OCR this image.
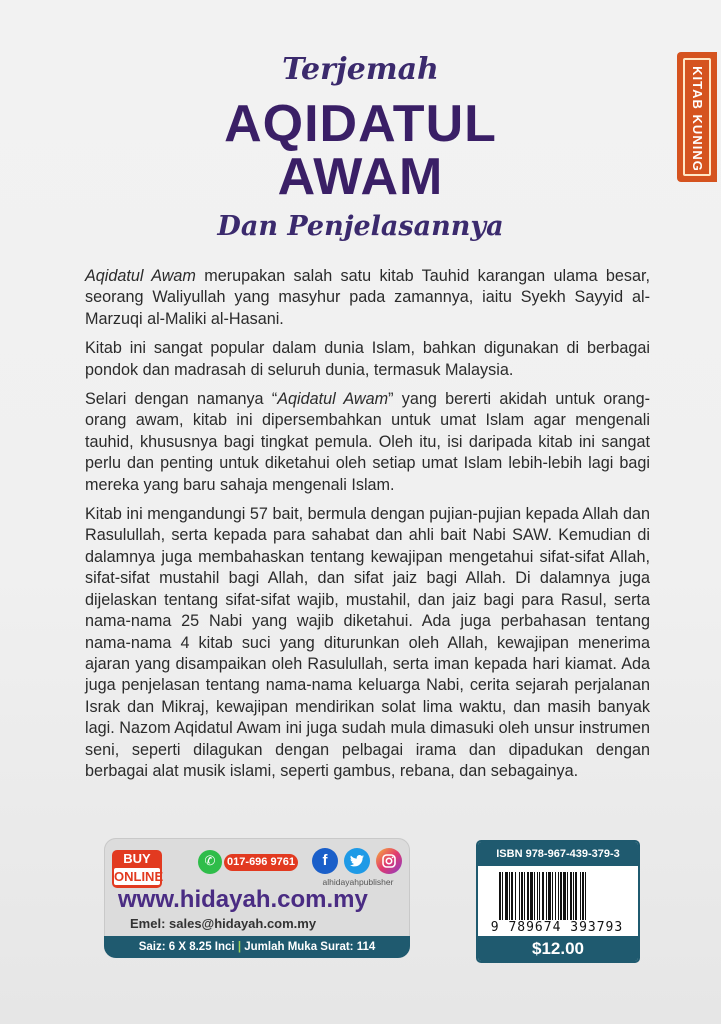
KITAB KUNING
Terjemah
AQIDATUL
AWAM
Dan Penjelasannya

Aqidatul Awam merupakan salah satu kitab Tauhid karangan ulama besar, seorang Waliyullah yang masyhur pada zamannya, iaitu Syekh Sayyid al-Marzuqi al-Maliki al-Hasani.

Kitab ini sangat popular dalam dunia Islam, bahkan digunakan di berbagai pondok dan madrasah di seluruh dunia, termasuk Malaysia.

Selari dengan namanya “Aqidatul Awam” yang bererti akidah untuk orang-orang awam, kitab ini dipersembahkan untuk umat Islam agar mengenali tauhid, khususnya bagi tingkat pemula. Oleh itu, isi daripada kitab ini sangat perlu dan penting untuk diketahui oleh setiap umat Islam lebih-lebih lagi bagi mereka yang baru sahaja mengenali Islam.

Kitab ini mengandungi 57 bait, bermula dengan pujian-pujian kepada Allah dan Rasulullah, serta kepada para sahabat dan ahli bait Nabi SAW. Kemudian di dalamnya juga membahaskan tentang kewajipan mengetahui sifat-sifat Allah, sifat-sifat mustahil bagi Allah, dan sifat jaiz bagi Allah. Di dalamnya juga dijelaskan tentang sifat-sifat wajib, mustahil, dan jaiz bagi para Rasul, serta nama-nama 25 Nabi yang wajib diketahui. Ada juga perbahasan tentang nama-nama 4 kitab suci yang diturunkan oleh Allah, kewajipan menerima ajaran yang disampaikan oleh Rasulullah, serta iman kepada hari kiamat. Ada juga penjelasan tentang nama-nama keluarga Nabi, cerita sejarah perjalanan Israk dan Mikraj, kewajipan mendirikan solat lima waktu, dan masih banyak lagi. Nazom Aqidatul Awam ini juga sudah mula dimasuki oleh unsur instrumen seni, seperti dilagukan dengan pelbagai irama dan dipadukan dengan berbagai alat musik islami, seperti gambus, rebana, dan sebagainya.

BUY
ONLINE
✆	017-696 9761	f
alhidayahpublisher
www.hidayah.com.my
Emel: sales@hidayah.com.my
Saiz: 6 X 8.25 Inci | Jumlah Muka Surat: 114
ISBN 978-967-439-379-3
9 789674 393793
$12.00
